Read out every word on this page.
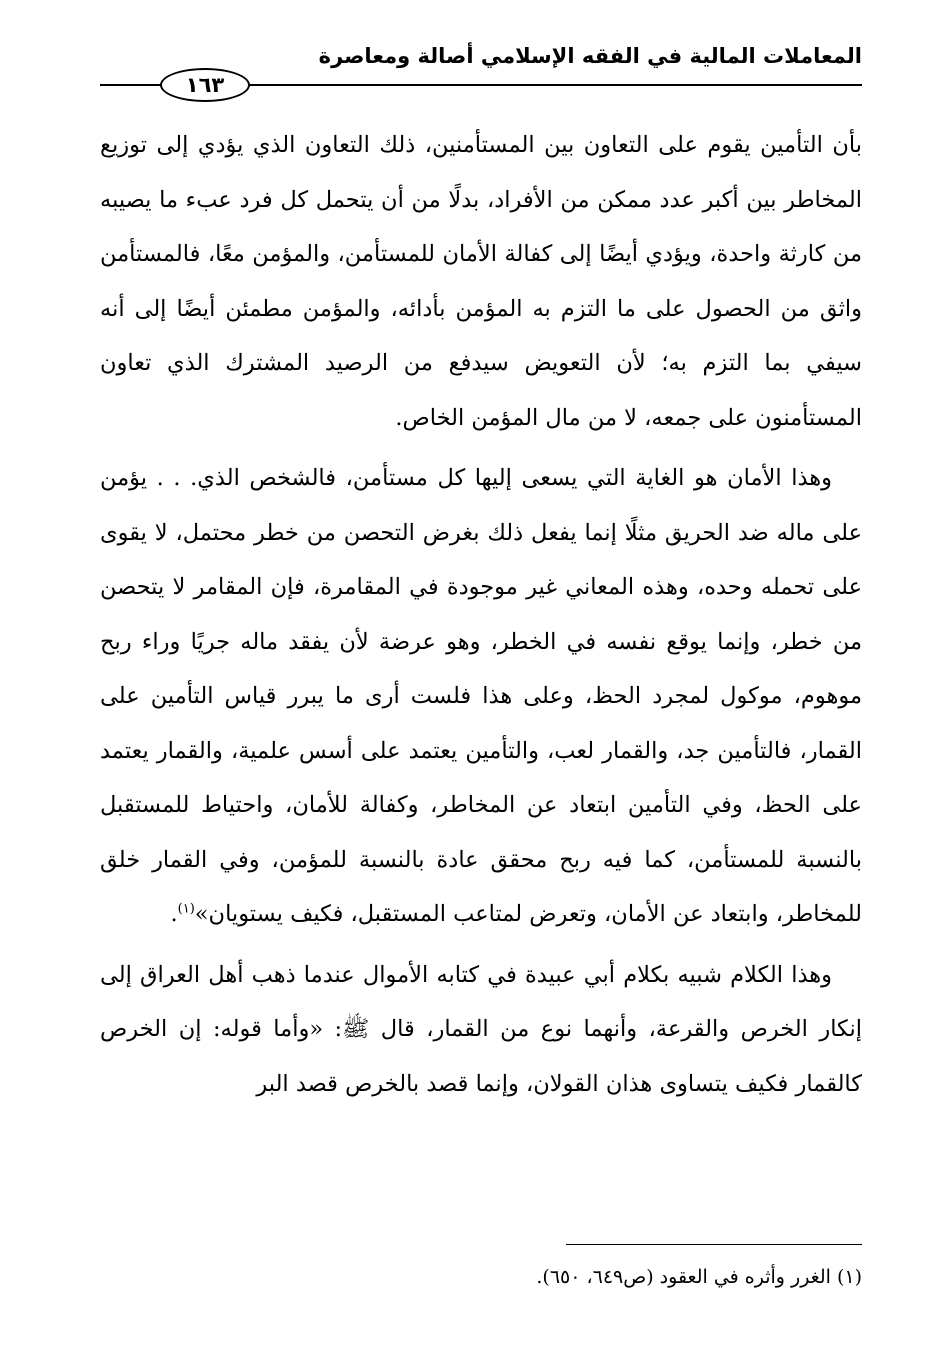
المعاملات المالية في الفقه الإسلامي أصالة ومعاصرة
١٦٣

بأن التأمين يقوم على التعاون بين المستأمنين، ذلك التعاون الذي يؤدي إلى توزيع المخاطر بين أكبر عدد ممكن من الأفراد، بدلًا من أن يتحمل كل فرد عبء ما يصيبه من كارثة واحدة، ويؤدي أيضًا إلى كفالة الأمان للمستأمن، والمؤمن معًا، فالمستأمن واثق من الحصول على ما التزم به المؤمن بأدائه، والمؤمن مطمئن أيضًا إلى أنه سيفي بما التزم به؛ لأن التعويض سيدفع من الرصيد المشترك الذي تعاون المستأمنون على جمعه، لا من مال المؤمن الخاص.

وهذا الأمان هو الغاية التي يسعى إليها كل مستأمن، فالشخص الذي. . . يؤمن على ماله ضد الحريق مثلًا إنما يفعل ذلك بغرض التحصن من خطر محتمل، لا يقوى على تحمله وحده، وهذه المعاني غير موجودة في المقامرة، فإن المقامر لا يتحصن من خطر، وإنما يوقع نفسه في الخطر، وهو عرضة لأن يفقد ماله جريًا وراء ربح موهوم، موكول لمجرد الحظ، وعلى هذا فلست أرى ما يبرر قياس التأمين على القمار، فالتأمين جد، والقمار لعب، والتأمين يعتمد على أسس علمية، والقمار يعتمد على الحظ، وفي التأمين ابتعاد عن المخاطر، وكفالة للأمان، واحتياط للمستقبل بالنسبة للمستأمن، كما فيه ربح محقق عادة بالنسبة للمؤمن، وفي القمار خلق للمخاطر، وابتعاد عن الأمان، وتعرض لمتاعب المستقبل، فكيف يستويان»$^{(١)}$.

وهذا الكلام شبيه بكلام أبي عبيدة في كتابه الأموال عندما ذهب أهل العراق إلى إنكار الخرص والقرعة، وأنهما نوع من القمار، قال ﷺ: «وأما قوله: إن الخرص كالقمار فكيف يتساوى هذان القولان، وإنما قصد بالخرص قصد البر

(١) الغرر وأثره في العقود (ص٦٤٩، ٦٥٠).
